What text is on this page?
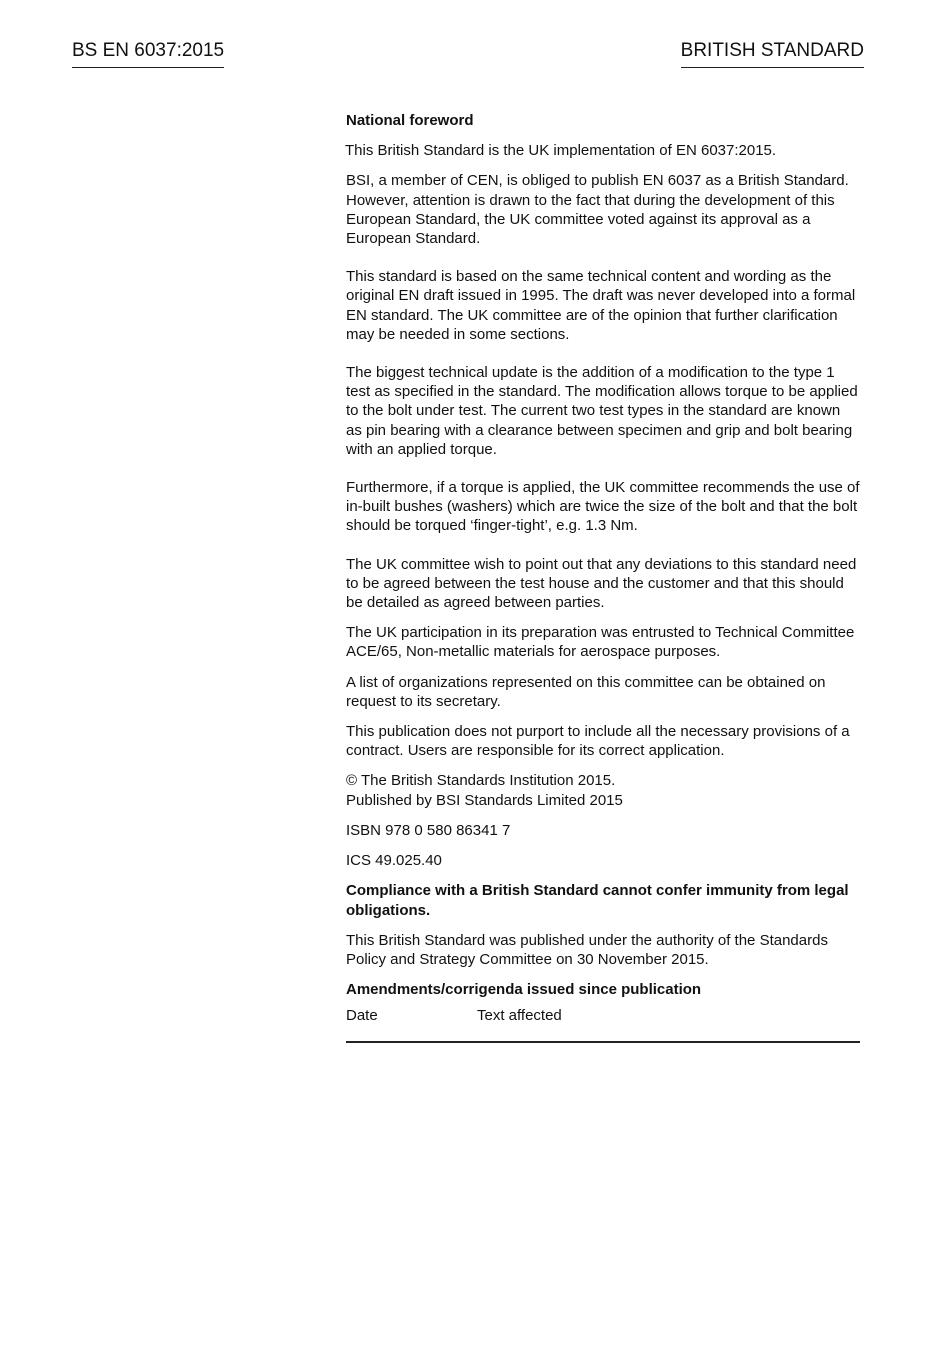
BS EN 6037:2015	BRITISH STANDARD

National foreword

This British Standard is the UK implementation of EN 6037:2015.

BSI, a member of CEN, is obliged to publish EN 6037 as a British Standard. However, attention is drawn to the fact that during the development of this European Standard, the UK committee voted against its approval as a European Standard.

This standard is based on the same technical content and wording as the original EN draft issued in 1995. The draft was never developed into a formal EN standard. The UK committee are of the opinion that further clarification may be needed in some sections.

The biggest technical update is the addition of a modification to the type 1 test as specified in the standard. The modification allows torque to be applied to the bolt under test. The current two test types in the standard are known as pin bearing with a clearance between specimen and grip and bolt bearing with an applied torque.

Furthermore, if a torque is applied, the UK committee recommends the use of in-built bushes (washers) which are twice the size of the bolt and that the bolt should be torqued ‘finger-tight’, e.g. 1.3 Nm.

The UK committee wish to point out that any deviations to this standard need to be agreed between the test house and the customer and that this should be detailed as agreed between parties.

The UK participation in its preparation was entrusted to Technical Committee ACE/65, Non-metallic materials for aerospace purposes.

A list of organizations represented on this committee can be obtained on request to its secretary.

This publication does not purport to include all the necessary provisions of a contract. Users are responsible for its correct application.

© The British Standards Institution 2015.

Published by BSI Standards Limited 2015

ISBN 978 0 580 86341 7

ICS 49.025.40

Compliance with a British Standard cannot confer immunity from legal obligations.

This British Standard was published under the authority of the Standards Policy and Strategy Committee on 30 November 2015.

Amendments/corrigenda issued since publication

Date	Text affected
